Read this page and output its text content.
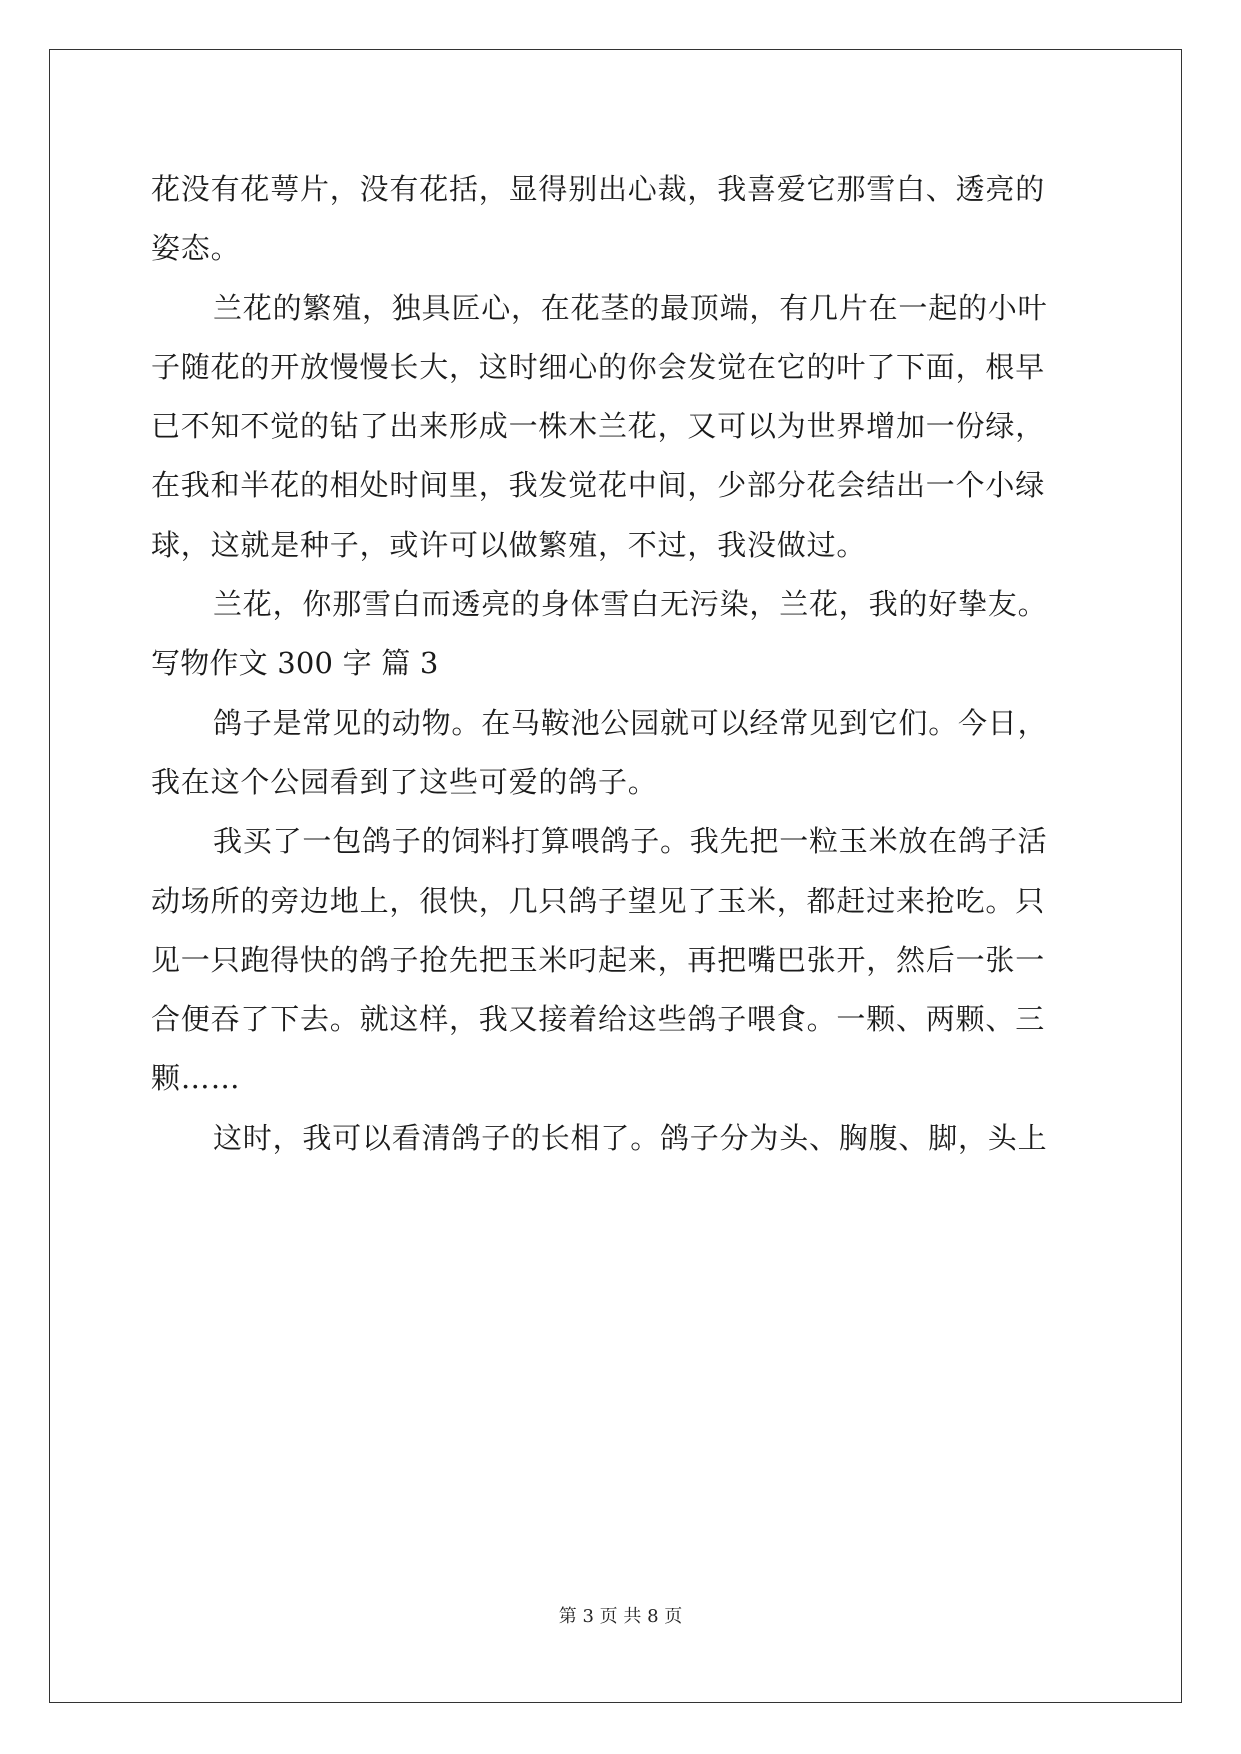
花没有花萼片，没有花括，显得别出心裁，我喜爱它那雪白、透亮的
姿态。
兰花的繁殖，独具匠心，在花茎的最顶端，有几片在一起的小叶
子随花的开放慢慢长大，这时细心的你会发觉在它的叶了下面，根早
已不知不觉的钻了出来形成一株木兰花，又可以为世界增加一份绿，
在我和半花的相处时间里，我发觉花中间，少部分花会结出一个小绿
球，这就是种子，或许可以做繁殖，不过，我没做过。
兰花，你那雪白而透亮的身体雪白无污染，兰花，我的好挚友。
写物作文 300 字 篇 3
鸽子是常见的动物。在马鞍池公园就可以经常见到它们。今日，
我在这个公园看到了这些可爱的鸽子。
我买了一包鸽子的饲料打算喂鸽子。我先把一粒玉米放在鸽子活
动场所的旁边地上，很快，几只鸽子望见了玉米，都赶过来抢吃。只
见一只跑得快的鸽子抢先把玉米叼起来，再把嘴巴张开，然后一张一
合便吞了下去。就这样，我又接着给这些鸽子喂食。一颗、两颗、三
颗……
这时，我可以看清鸽子的长相了。鸽子分为头、胸腹、脚，头上
第 3 页 共 8 页
